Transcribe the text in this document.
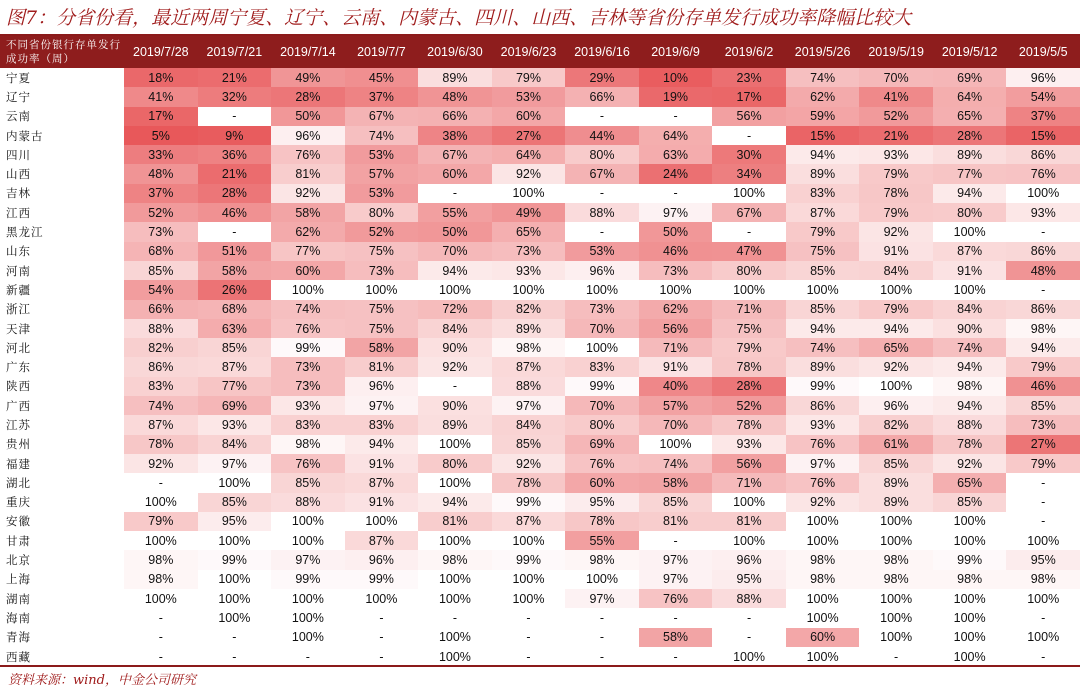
图7：分省份看，最近两周宁夏、辽宁、云南、内蒙古、四川、山西、吉林等省份存单发行成功率降幅比较大
不同省份银行存单发行成功率（周）	2019/7/28	2019/7/21	2019/7/14	2019/7/7	2019/6/30	2019/6/23	2019/6/16	2019/6/9	2019/6/2	2019/5/26	2019/5/19	2019/5/12	2019/5/5
宁夏	18%	21%	49%	45%	89%	79%	29%	10%	23%	74%	70%	69%	96%
辽宁	41%	32%	28%	37%	48%	53%	66%	19%	17%	62%	41%	64%	54%
云南	17%	-	50%	67%	66%	60%	-	-	56%	59%	52%	65%	37%
内蒙古	5%	9%	96%	74%	38%	27%	44%	64%	-	15%	21%	28%	15%
四川	33%	36%	76%	53%	67%	64%	80%	63%	30%	94%	93%	89%	86%
山西	48%	21%	81%	57%	60%	92%	67%	24%	34%	89%	79%	77%	76%
吉林	37%	28%	92%	53%	-	100%	-	-	100%	83%	78%	94%	100%
江西	52%	46%	58%	80%	55%	49%	88%	97%	67%	87%	79%	80%	93%
黑龙江	73%	-	62%	52%	50%	65%	-	50%	-	79%	92%	100%	-
山东	68%	51%	77%	75%	70%	73%	53%	46%	47%	75%	91%	87%	86%
河南	85%	58%	60%	73%	94%	93%	96%	73%	80%	85%	84%	91%	48%
新疆	54%	26%	100%	100%	100%	100%	100%	100%	100%	100%	100%	100%	-
浙江	66%	68%	74%	75%	72%	82%	73%	62%	71%	85%	79%	84%	86%
天津	88%	63%	76%	75%	84%	89%	70%	56%	75%	94%	94%	90%	98%
河北	82%	85%	99%	58%	90%	98%	100%	71%	79%	74%	65%	74%	94%
广东	86%	87%	73%	81%	92%	87%	83%	91%	78%	89%	92%	94%	79%
陕西	83%	77%	73%	96%	-	88%	99%	40%	28%	99%	100%	98%	46%
广西	74%	69%	93%	97%	90%	97%	70%	57%	52%	86%	96%	94%	85%
江苏	87%	93%	83%	83%	89%	84%	80%	70%	78%	93%	82%	88%	73%
贵州	78%	84%	98%	94%	100%	85%	69%	100%	93%	76%	61%	78%	27%
福建	92%	97%	76%	91%	80%	92%	76%	74%	56%	97%	85%	92%	79%
湖北	-	100%	85%	87%	100%	78%	60%	58%	71%	76%	89%	65%	-
重庆	100%	85%	88%	91%	94%	99%	95%	85%	100%	92%	89%	85%	-
安徽	79%	95%	100%	100%	81%	87%	78%	81%	81%	100%	100%	100%	-
甘肃	100%	100%	100%	87%	100%	100%	55%	-	100%	100%	100%	100%	100%
北京	98%	99%	97%	96%	98%	99%	98%	97%	96%	98%	98%	99%	95%
上海	98%	100%	99%	99%	100%	100%	100%	97%	95%	98%	98%	98%	98%
湖南	100%	100%	100%	100%	100%	100%	97%	76%	88%	100%	100%	100%	100%
海南	-	100%	100%	-	-	-	-	-	-	100%	100%	100%	-
青海	-	-	100%	-	100%	-	-	58%	-	60%	100%	100%	100%
西藏	-	-	-	-	100%	-	-	-	100%	100%	-	100%	-
资料来源：wind，中金公司研究
